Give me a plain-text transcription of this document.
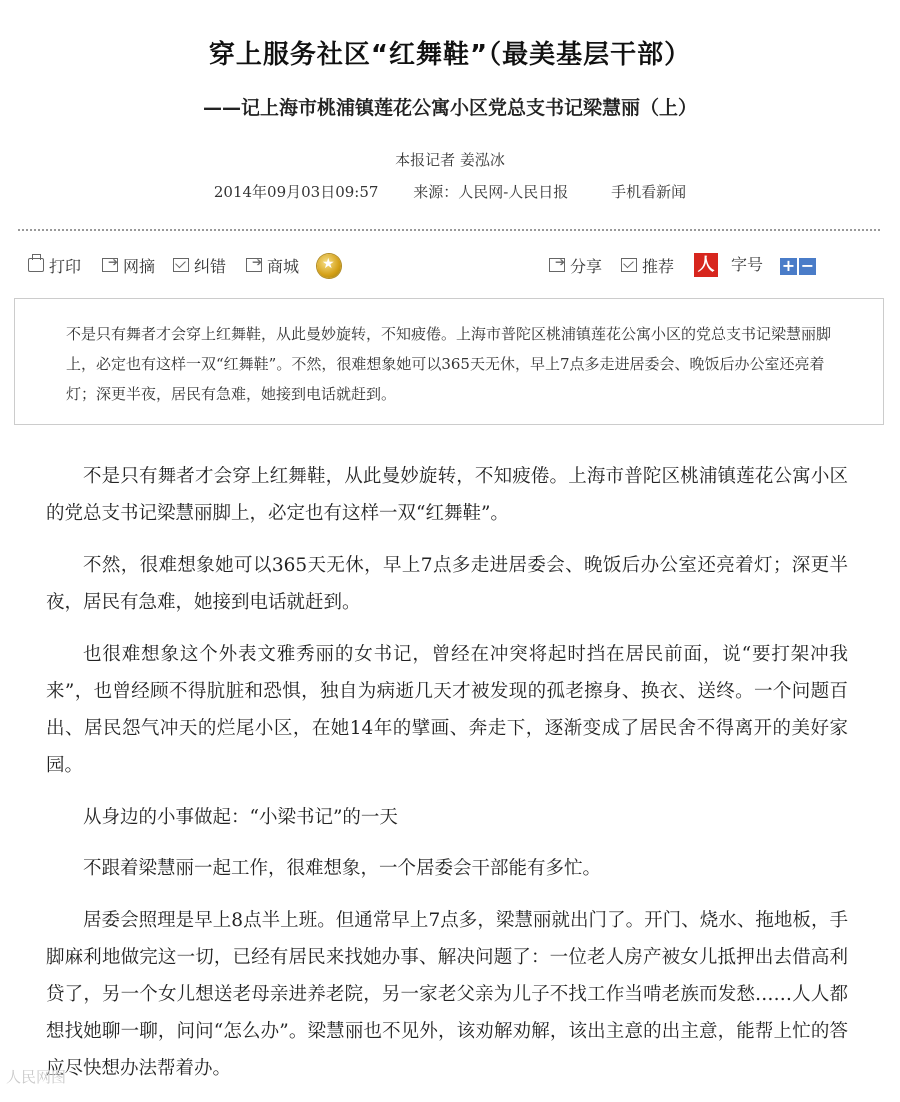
穿上服务社区“红舞鞋”（最美基层干部）
——记上海市桃浦镇莲花公寓小区党总支书记梁慧丽（上）
本报记者 姜泓冰
2014年09月03日09:57 来源：人民网-人民日报	手机看新闻
打印 ➔	网摘 纠错 ➔	商城 ★ ➔	分享 推荐 人 字号 + −

不是只有舞者才会穿上红舞鞋，从此曼妙旋转，不知疲倦。上海市普陀区桃浦镇莲花公寓小区的党总支书记梁慧丽脚上，必定也有这样一双“红舞鞋”。不然，很难想象她可以365天无休，早上7点多走进居委会、晚饭后办公室还亮着灯；深更半夜，居民有急难，她接到电话就赶到。

不是只有舞者才会穿上红舞鞋，从此曼妙旋转，不知疲倦。上海市普陀区桃浦镇莲花公寓小区的党总支书记梁慧丽脚上，必定也有这样一双“红舞鞋”。

不然，很难想象她可以365天无休，早上7点多走进居委会、晚饭后办公室还亮着灯；深更半夜，居民有急难，她接到电话就赶到。

也很难想象这个外表文雅秀丽的女书记，曾经在冲突将起时挡在居民前面，说“要打架冲我来”，也曾经顾不得肮脏和恐惧，独自为病逝几天才被发现的孤老擦身、换衣、送终。一个问题百出、居民怨气冲天的烂尾小区，在她14年的擘画、奔走下，逐渐变成了居民舍不得离开的美好家园。

从身边的小事做起：“小梁书记”的一天

不跟着梁慧丽一起工作，很难想象，一个居委会干部能有多忙。

居委会照理是早上8点半上班。但通常早上7点多，梁慧丽就出门了。开门、烧水、拖地板，手脚麻利地做完这一切，已经有居民来找她办事、解决问题了：一位老人房产被女儿抵押出去借高利贷了，另一个女儿想送老母亲进养老院，另一家老父亲为儿子不找工作当啃老族而发愁……人人都想找她聊一聊，问问“怎么办”。梁慧丽也不见外，该劝解劝解，该出主意的出主意，能帮上忙的答应尽快想办法帮着办。

人民网图
